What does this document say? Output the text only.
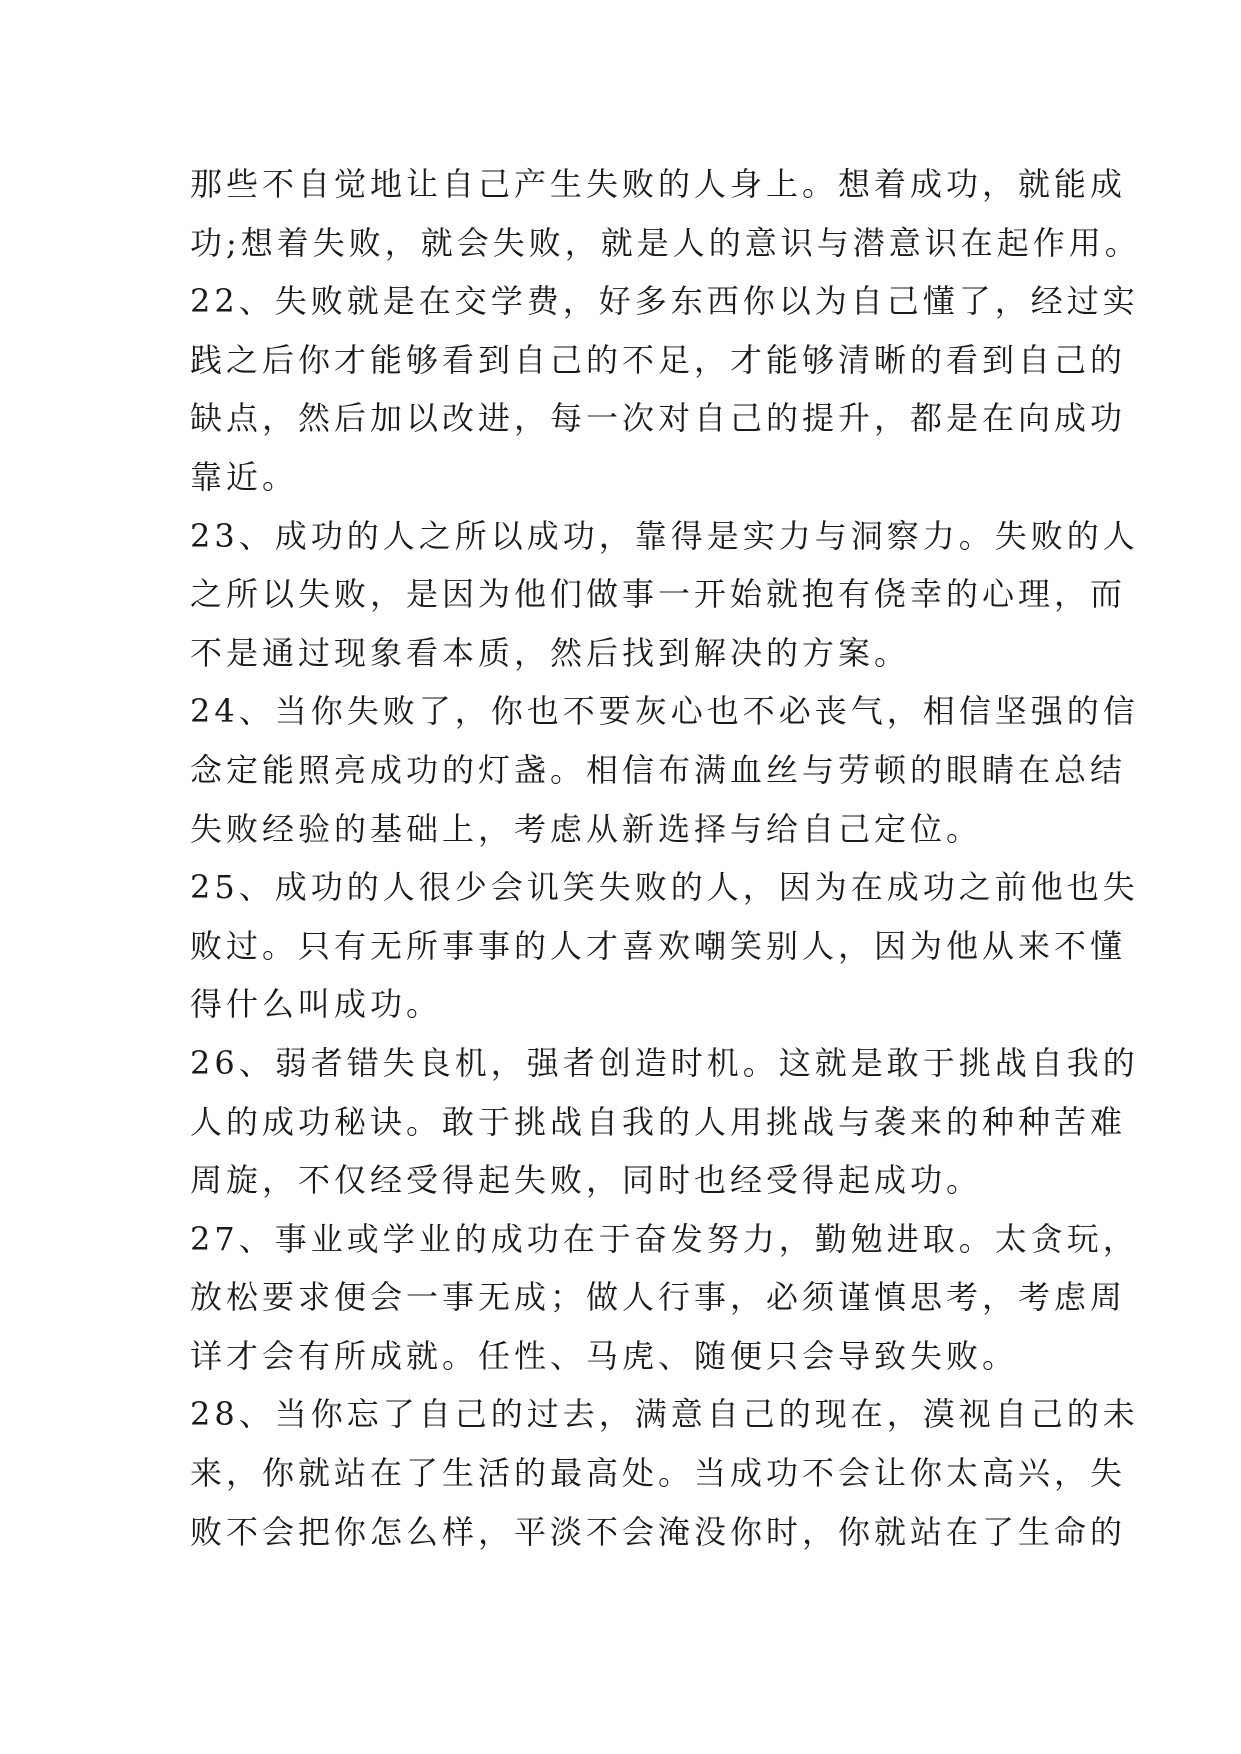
那些不自觉地让自己产生失败的人身上。想着成功，就能成
功;想着失败，就会失败，就是人的意识与潜意识在起作用。
22、失败就是在交学费，好多东西你以为自己懂了，经过实
践之后你才能够看到自己的不足，才能够清晰的看到自己的
缺点，然后加以改进，每一次对自己的提升，都是在向成功
靠近。
23、成功的人之所以成功，靠得是实力与洞察力。失败的人
之所以失败，是因为他们做事一开始就抱有侥幸的心理，而
不是通过现象看本质，然后找到解决的方案。
24、当你失败了，你也不要灰心也不必丧气，相信坚强的信
念定能照亮成功的灯盏。相信布满血丝与劳顿的眼睛在总结
失败经验的基础上，考虑从新选择与给自己定位。
25、成功的人很少会讥笑失败的人，因为在成功之前他也失
败过。只有无所事事的人才喜欢嘲笑别人，因为他从来不懂
得什么叫成功。
26、弱者错失良机，强者创造时机。这就是敢于挑战自我的
人的成功秘诀。敢于挑战自我的人用挑战与袭来的种种苦难
周旋，不仅经受得起失败，同时也经受得起成功。
27、事业或学业的成功在于奋发努力，勤勉进取。太贪玩，
放松要求便会一事无成；做人行事，必须谨慎思考，考虑周
详才会有所成就。任性、马虎、随便只会导致失败。
28、当你忘了自己的过去，满意自己的现在，漠视自己的未
来，你就站在了生活的最高处。当成功不会让你太高兴，失
败不会把你怎么样，平淡不会淹没你时，你就站在了生命的
